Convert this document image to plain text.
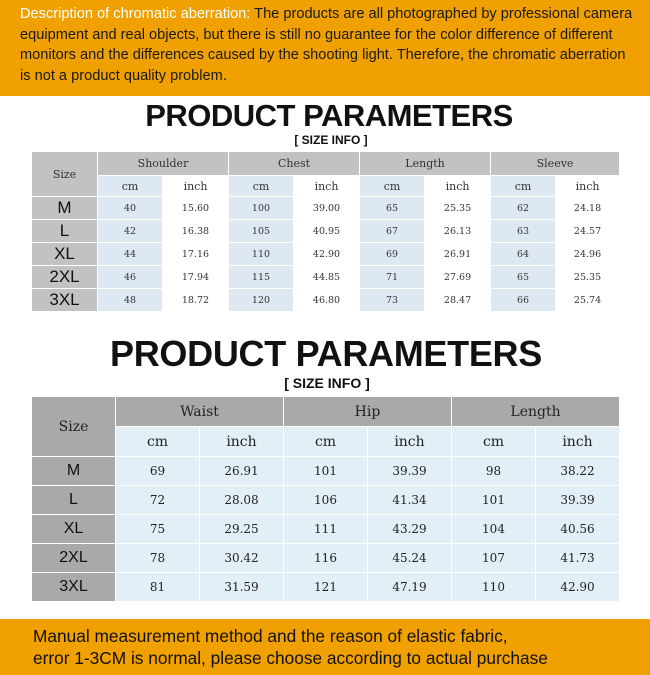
Description of chromatic aberration: The products are all photographed by professional camera equipment and real objects, but there is still no guarantee for the color difference of different monitors and the differences caused by the shooting light. Therefore, the chromatic aberration is not a product quality problem.
PRODUCT PARAMETERS
[ SIZE INFO ]
Size	Shoulder		Chest		Length		Sleeve	
	cm	inch	cm	inch	cm	inch	cm	inch
M	40	15.60	100	39.00	65	25.35	62	24.18
L	42	16.38	105	40.95	67	26.13	63	24.57
XL	44	17.16	110	42.90	69	26.91	64	24.96
2XL	46	17.94	115	44.85	71	27.69	65	25.35
3XL	48	18.72	120	46.80	73	28.47	66	25.74
PRODUCT PARAMETERS
[ SIZE INFO ]
Size	Waist		Hip		Length	
	cm	inch	cm	inch	cm	inch
M	69	26.91	101	39.39	98	38.22
L	72	28.08	106	41.34	101	39.39
XL	75	29.25	111	43.29	104	40.56
2XL	78	30.42	116	45.24	107	41.73
3XL	81	31.59	121	47.19	110	42.90
Manual measurement method and the reason of elastic fabric,
error 1-3CM is normal, please choose according to actual purchase
